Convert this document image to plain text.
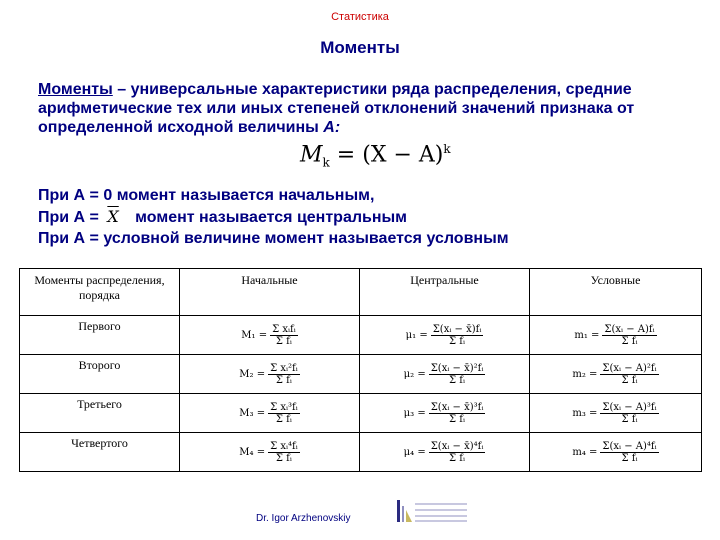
Статистика
Моменты
Моменты – универсальные характеристики ряда распределения, средние арифметические тех или иных степеней отклонений значений признака от определенной исходной величины А:
$M_k = (X - A)^k$
При А = 0 момент называется начальным,
При $А = \overline{X}$ момент называется центральным
При А = условной величине момент называется условным
Моменты распределения, порядка	Начальные	Центральные	Условные

Первого	$M_1 = \frac{\text{Σ xᵢfᵢ}}{\text{Σ fᵢ}}$	$\mu_1 = \frac{\text{Σ(xᵢ − x̄)fᵢ}}{\text{Σ fᵢ}}$	$m_1 = \frac{\text{Σ(xᵢ − A)fᵢ}}{\text{Σ fᵢ}}$

Второго	$M_2 = \frac{\text{Σ xᵢ²fᵢ}}{\text{Σ fᵢ}}$	$\mu_2 = \frac{\text{Σ(xᵢ − x̄)²fᵢ}}{\text{Σ fᵢ}}$	$m_2 = \frac{\text{Σ(xᵢ − A)²fᵢ}}{\text{Σ fᵢ}}$

Третьего	$M_3 = \frac{\text{Σ xᵢ³fᵢ}}{\text{Σ fᵢ}}$	$\mu_3 = \frac{\text{Σ(xᵢ − x̄)³fᵢ}}{\text{Σ fᵢ}}$	$m_3 = \frac{\text{Σ(xᵢ − A)³fᵢ}}{\text{Σ fᵢ}}$

Четвертого	$M_4 = \frac{\text{Σ xᵢ⁴fᵢ}}{\text{Σ fᵢ}}$	$\mu_4 = \frac{\text{Σ(xᵢ − x̄)⁴fᵢ}}{\text{Σ fᵢ}}$	$m_4 = \frac{\text{Σ(xᵢ − A)⁴fᵢ}}{\text{Σ fᵢ}}$
Dr. Igor Arzhenovskiy
